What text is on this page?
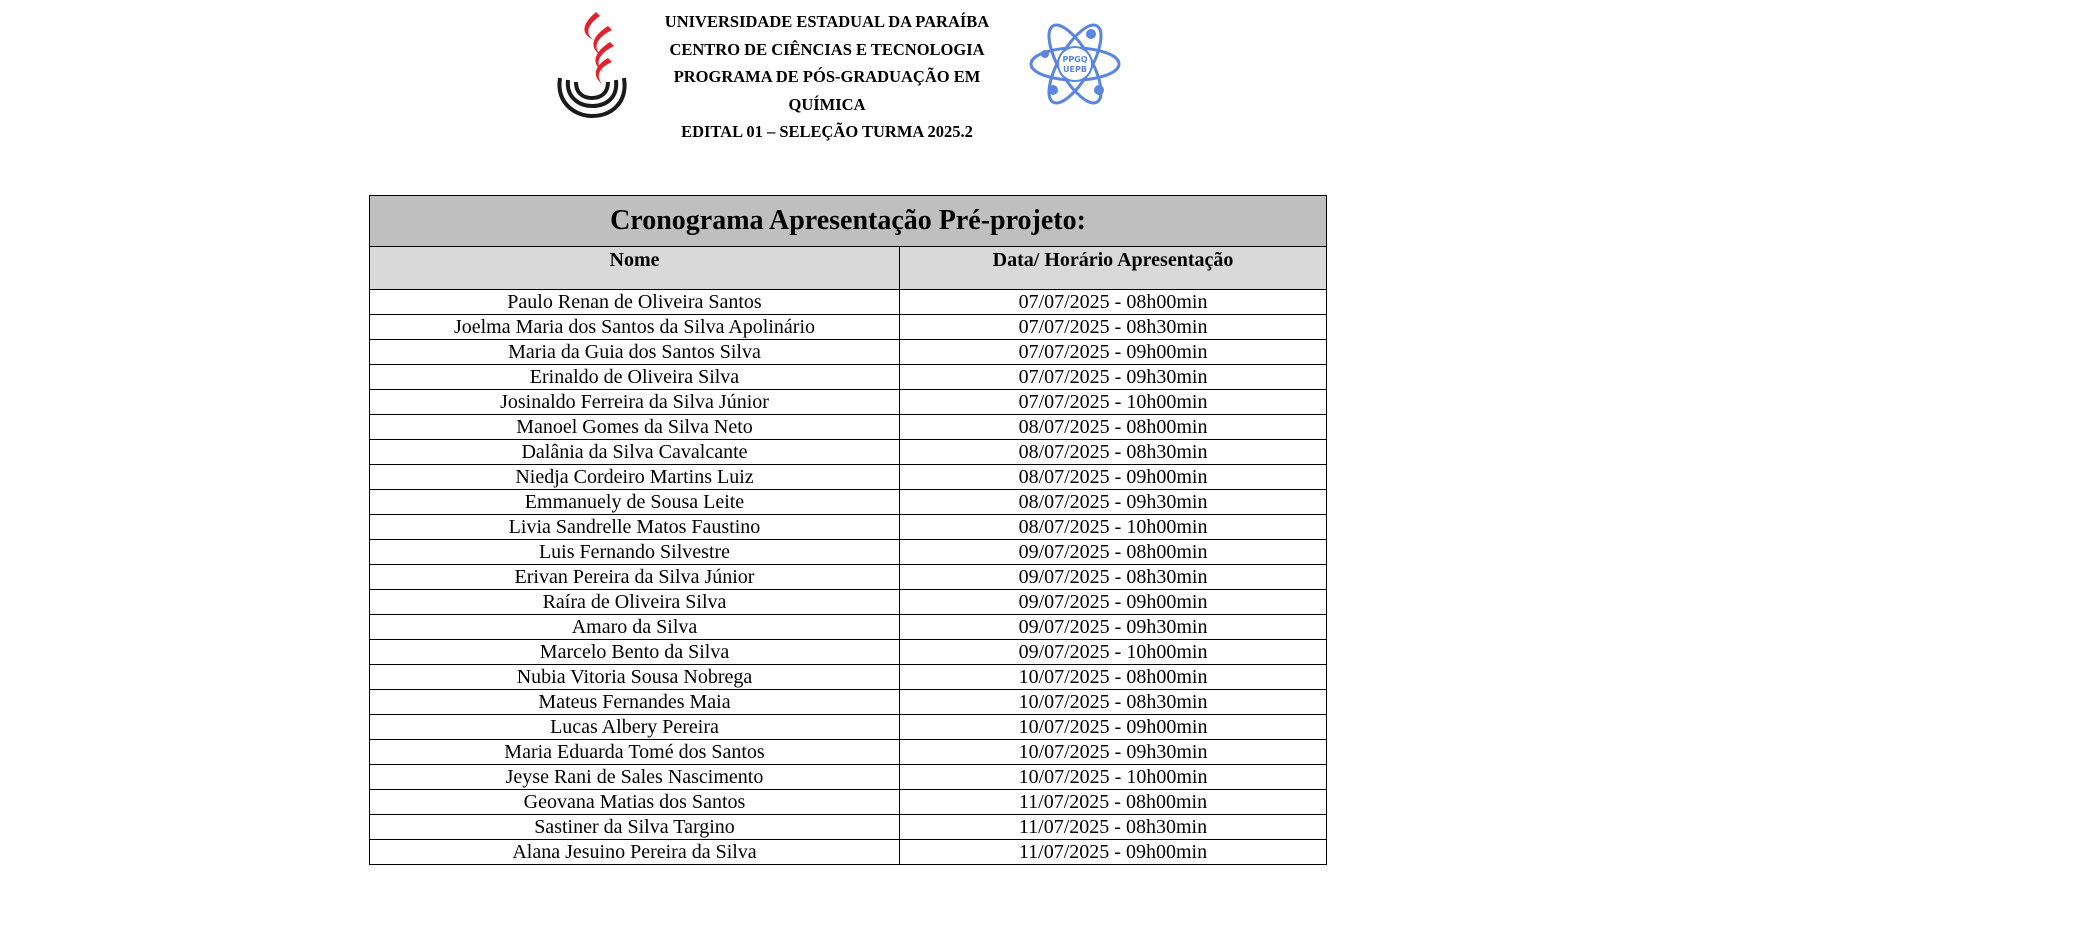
UNIVERSIDADE ESTADUAL DA PARAÍBA
CENTRO DE CIÊNCIAS E TECNOLOGIA
PROGRAMA DE PÓS-GRADUAÇÃO EM
QUÍMICA
EDITAL 01 – SELEÇÃO TURMA 2025.2
PPGQ
UEPB
Cronograma Apresentação Pré-projeto:	
Nome	Data/ Horário Apresentação
Paulo Renan de Oliveira Santos	07/07/2025 - 08h00min
Joelma Maria dos Santos da Silva Apolinário	07/07/2025 - 08h30min
Maria da Guia dos Santos Silva	07/07/2025 - 09h00min
Erinaldo de Oliveira Silva	07/07/2025 - 09h30min
Josinaldo Ferreira da Silva Júnior	07/07/2025 - 10h00min
Manoel Gomes da Silva Neto	08/07/2025 - 08h00min
Dalânia da Silva Cavalcante	08/07/2025 - 08h30min
Niedja Cordeiro Martins Luiz	08/07/2025 - 09h00min
Emmanuely de Sousa Leite	08/07/2025 - 09h30min
Livia Sandrelle Matos Faustino	08/07/2025 - 10h00min
Luis Fernando Silvestre	09/07/2025 - 08h00min
Erivan Pereira da Silva Júnior	09/07/2025 - 08h30min
Raíra de Oliveira Silva	09/07/2025 - 09h00min
Amaro da Silva	09/07/2025 - 09h30min
Marcelo Bento da Silva	09/07/2025 - 10h00min
Nubia Vitoria Sousa Nobrega	10/07/2025 - 08h00min
Mateus Fernandes Maia	10/07/2025 - 08h30min
Lucas Albery Pereira	10/07/2025 - 09h00min
Maria Eduarda Tomé dos Santos	10/07/2025 - 09h30min
Jeyse Rani de Sales Nascimento	10/07/2025 - 10h00min
Geovana Matias dos Santos	11/07/2025 - 08h00min
Sastiner da Silva Targino	11/07/2025 - 08h30min
Alana Jesuino Pereira da Silva	11/07/2025 - 09h00min
